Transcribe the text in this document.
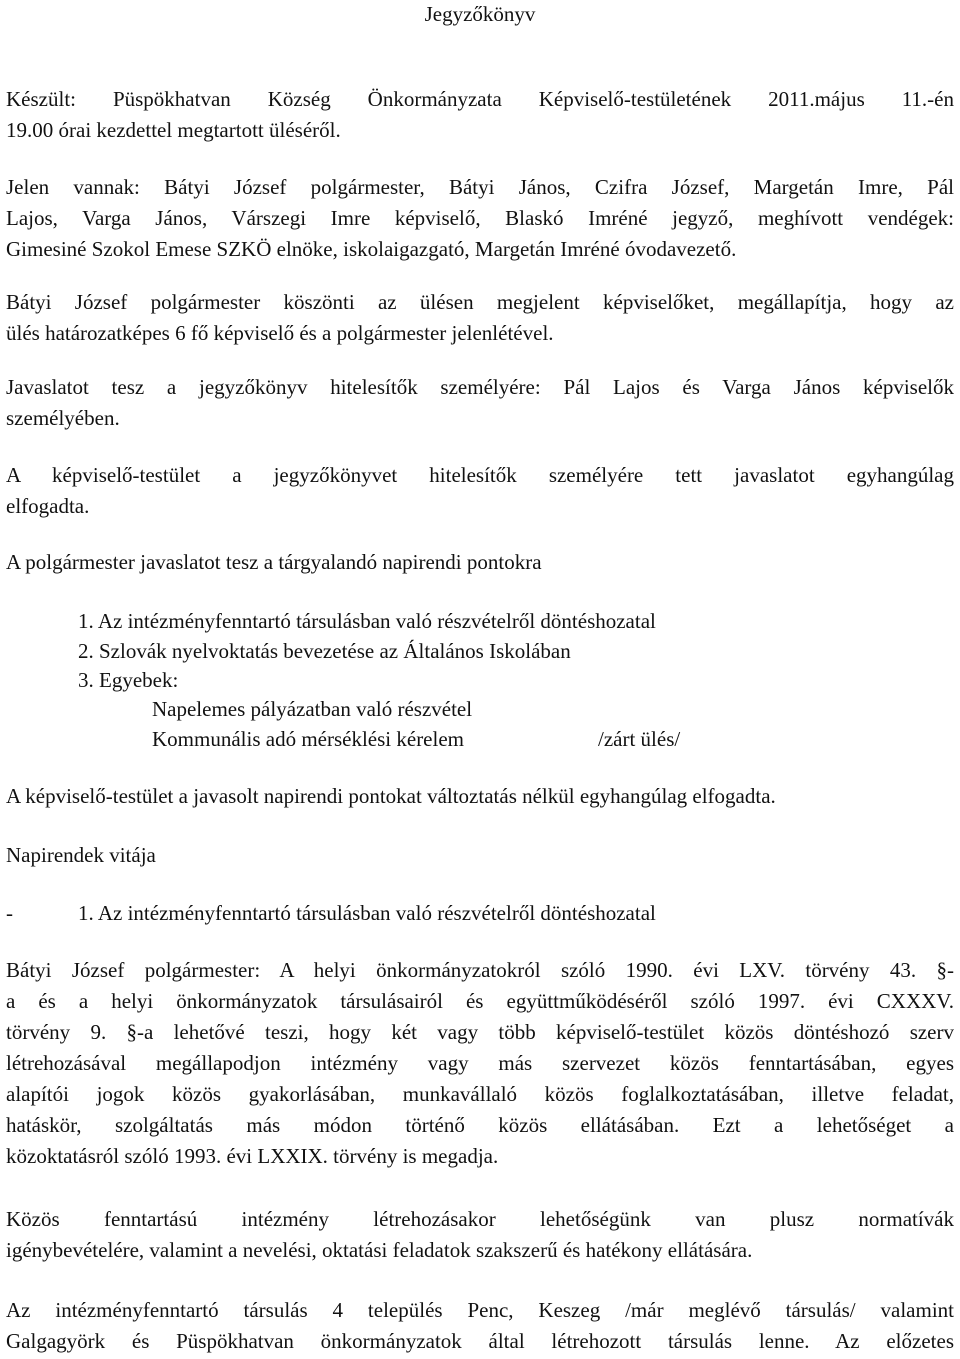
Jegyzőkönyv
Készült: Püspökhatvan Község Önkormányzata Képviselő-testületének 2011.május 11.-én
19.00 órai kezdettel megtartott üléséről.
Jelen vannak: Bátyi József polgármester, Bátyi János, Czifra József, Margetán Imre, Pál
Lajos, Varga János, Várszegi Imre képviselő, Blaskó Imréné jegyző, meghívott vendégek:
Gimesiné Szokol Emese SZKÖ elnöke, iskolaigazgató, Margetán Imréné óvodavezető.
Bátyi József polgármester köszönti az ülésen megjelent képviselőket, megállapítja, hogy az
ülés határozatképes 6 fő képviselő és a polgármester jelenlétével.
Javaslatot tesz a jegyzőkönyv hitelesítők személyére: Pál Lajos és Varga János képviselők
személyében.
A képviselő-testület a jegyzőkönyvet hitelesítők személyére tett javaslatot egyhangúlag
elfogadta.
A polgármester javaslatot tesz a tárgyalandó napirendi pontokra
1. Az intézményfenntartó társulásban való részvételről döntéshozatal
2. Szlovák nyelvoktatás bevezetése az Általános Iskolában
3. Egyebek:
Napelemes pályázatban való részvétel
Kommunális adó mérséklési kérelem	/zárt ülés/
A képviselő-testület a javasolt napirendi pontokat változtatás nélkül egyhangúlag elfogadta.
Napirendek vitája
-	1. Az intézményfenntartó társulásban való részvételről döntéshozatal
Bátyi József polgármester: A helyi önkormányzatokról szóló 1990. évi LXV. törvény 43. §-
a és a helyi önkormányzatok társulásairól és együttműködéséről szóló 1997. évi CXXXV.
törvény 9. §-a lehetővé teszi, hogy két vagy több képviselő-testület közös döntéshozó szerv
létrehozásával megállapodjon intézmény vagy más szervezet közös fenntartásában, egyes
alapítói jogok közös gyakorlásában, munkavállaló közös foglalkoztatásában, illetve feladat,
hatáskör, szolgáltatás más módon történő közös ellátásában. Ezt a lehetőséget a
közoktatásról szóló 1993. évi LXXIX. törvény is megadja.
Közös fenntartású intézmény létrehozásakor lehetőségünk van plusz normatívák
igénybevételére, valamint a nevelési, oktatási feladatok szakszerű és hatékony ellátására.
Az intézményfenntartó társulás 4 település Penc, Keszeg /már meglévő társulás/ valamint
Galgagyörk és Püspökhatvan önkormányzatok által létrehozott társulás lenne. Az előzetes
